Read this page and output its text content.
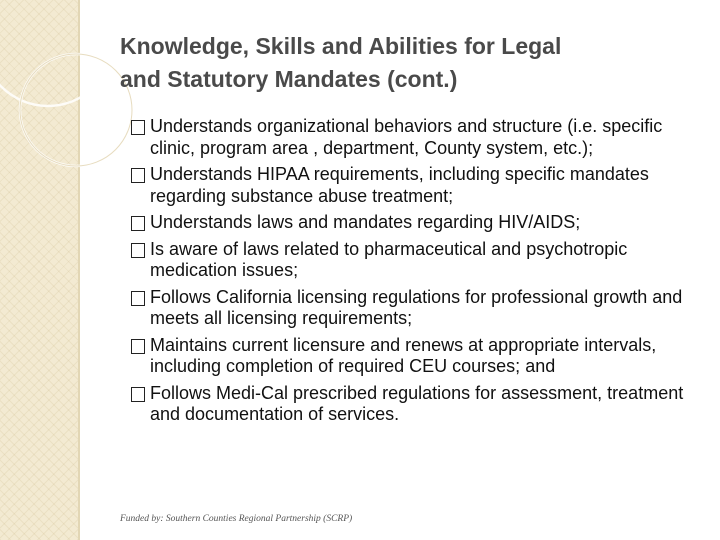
Knowledge, Skills and Abilities for Legal
and Statutory Mandates (cont.)
Understands organizational behaviors and structure (i.e. specific clinic, program area , department, County system, etc.);
Understands HIPAA requirements, including specific mandates regarding substance abuse treatment;
Understands laws and mandates regarding HIV/AIDS;
Is aware of laws related to pharmaceutical and psychotropic medication issues;
Follows California licensing regulations for professional growth and meets all licensing requirements;
Maintains current licensure and renews at appropriate intervals, including completion of required CEU courses; and
Follows Medi-Cal prescribed regulations for assessment, treatment and documentation of services.
Funded by: Southern Counties Regional Partnership (SCRP)
